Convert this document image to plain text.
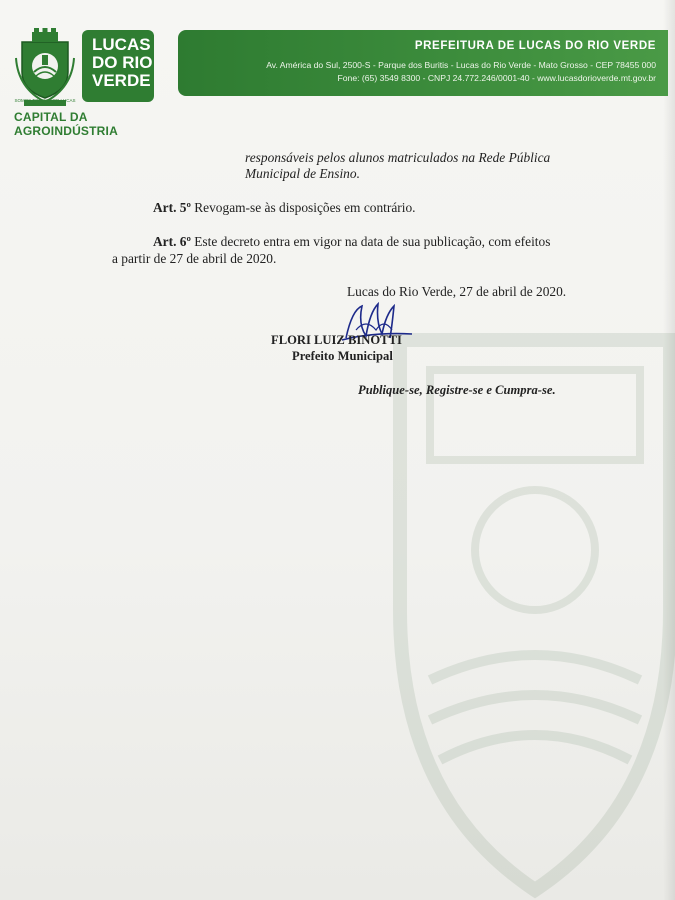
SOMOS TODOS POR LUCAS
LUCAS
DO RIO
VERDE
CAPITAL DA AGROINDÚSTRIA
PREFEITURA DE LUCAS DO RIO VERDE
Av. América do Sul, 2500-S - Parque dos Buritis - Lucas do Rio Verde - Mato Grosso - CEP 78455 000
Fone: (65) 3549 8300 - CNPJ 24.772.246/0001-40 - www.lucasdorioverde.mt.gov.br
responsáveis pelos alunos matriculados na Rede Pública
Municipal de Ensino.
Art. 5º Revogam-se às disposições em contrário.
Art. 6º Este decreto entra em vigor na data de sua publicação, com efeitos
a partir de 27 de abril de 2020.
Lucas do Rio Verde, 27 de abril de 2020.
FLORI LUIZ BINOTTI
Prefeito Municipal
Publique-se, Registre-se e Cumpra-se.
